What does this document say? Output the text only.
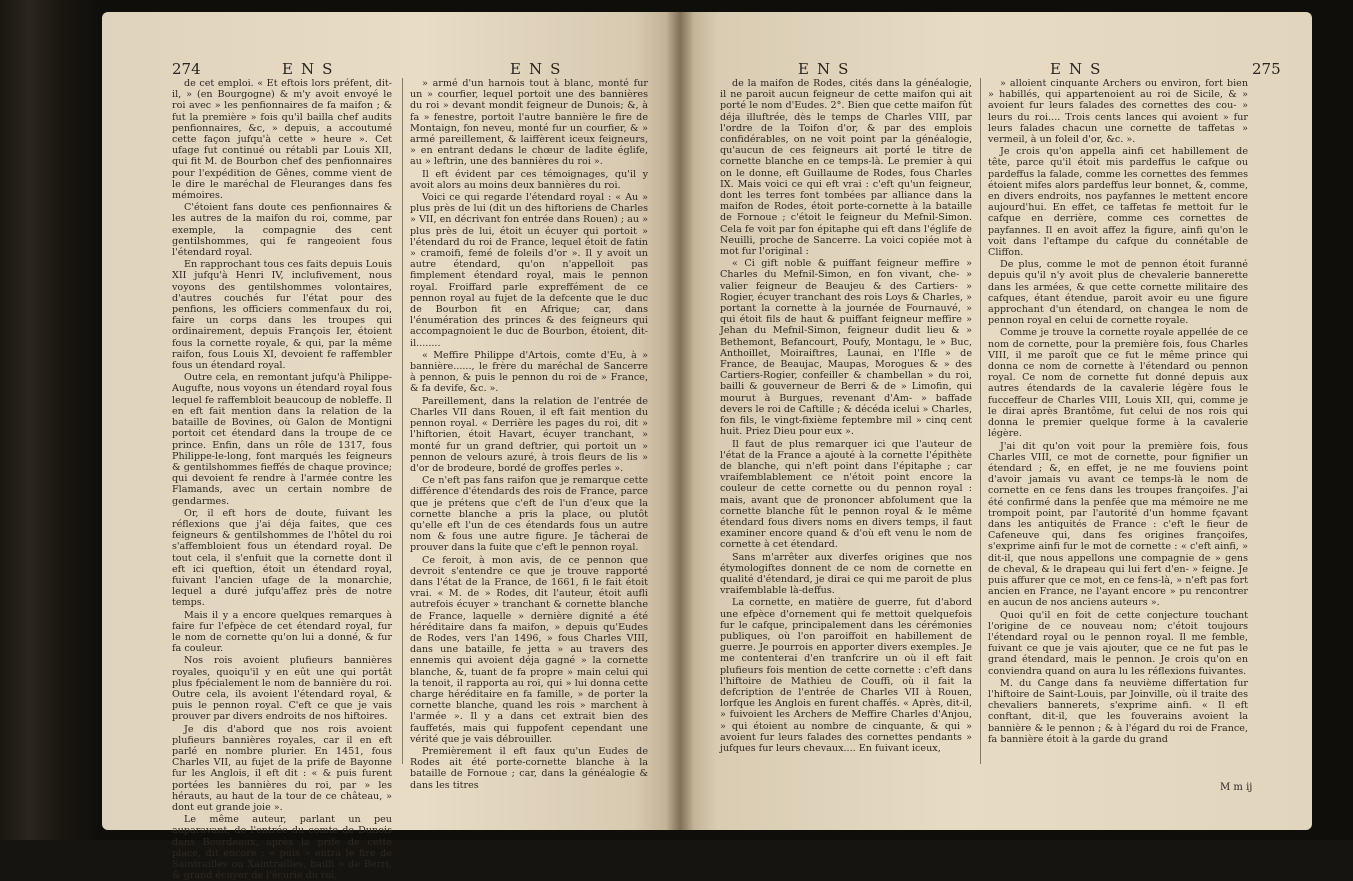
274	ENS	ENS

de cet emploi. « Et eftois lors préfent, dit-il, » (en Bourgogne) & m'y avoit envoyé le roi avec » les penfionnaires de fa maifon ; & fut la première » fois qu'il bailla chef audits penfionnaires, &c, » depuis, a accoutumé cette façon jufqu'à cette » heure ». Cet ufage fut continué ou rétabli par Louis XII, qui fit M. de Bourbon chef des penfionnaires pour l'expédition de Gênes, comme vient de le dire le maréchal de Fleuranges dans fes mémoires.

C'étoient fans doute ces penfionnaires & les autres de la maifon du roi, comme, par exemple, la compagnie des cent gentilshommes, qui fe rangeoient fous l'étendard royal.

En rapprochant tous ces faits depuis Louis XII jufqu'à Henri IV, inclufivement, nous voyons des gentilshommes volontaires, d'autres couchés fur l'état pour des penfions, les officiers commenfaux du roi, faire un corps dans les troupes qui ordinairement, depuis François Ier, étoient fous la cornette royale, & qui, par la même raifon, fous Louis XI, devoient fe raffembler fous un étendard royal.

Outre cela, en remontant jufqu'à Philippe-Augufte, nous voyons un étendard royal fous lequel fe raffembloit beaucoup de nobleffe. Il en eft fait mention dans la relation de la bataille de Bovines, où Galon de Montigni portoit cet étendard dans la troupe de ce prince. Enfin, dans un rôle de 1317, fous Philippe-le-long, font marqués les feigneurs & gentilshommes fieffés de chaque province; qui devoient fe rendre à l'armée contre les Flamands, avec un certain nombre de gendarmes.

Or, il eft hors de doute, fuivant les réflexions que j'ai déja faites, que ces feigneurs & gentilshommes de l'hôtel du roi s'affembloient fous un étendard royal. De tout cela, il s'enfuit que la cornette dont il eft ici queftion, étoit un étendard royal, fuivant l'ancien ufage de la monarchie, lequel a duré jufqu'affez près de notre temps.

Mais il y a encore quelques remarques à faire fur l'efpèce de cet étendard royal, fur le nom de cornette qu'on lui a donné, & fur fa couleur.

Nos rois avoient plufieurs bannières royales, quoiqu'il y en eût une qui portât plus fpécialement le nom de bannière du roi. Outre cela, ils avoient l'étendard royal, & puis le pennon royal. C'eft ce que je vais prouver par divers endroits de nos hiftoires.

Je dis d'abord que nos rois avoient plufieurs bannières royales, car il en eft parlé en nombre plurier. En 1451, fous Charles VII, au fujet de la prife de Bayonne fur les Anglois, il eft dit : « & puis furent portées les bannières du roi, par » les hérauts, au haut de la tour de ce château, » dont eut grande joie ».

Le même auteur, parlant un peu auparavant, de l'entrée du comte de Dunois dans Bourdeaux, après la prife de cette place, dit encore : « puis » entra le fire de Saintrailles ou Xaintrailles, bailli » de Berri, & grand écuyer de l'écurie du roi,

» armé d'un harnois tout à blanc, monté fur un » courfier, lequel portoit une des bannières du roi » devant mondit feigneur de Dunois; &, à fa » fenestre, portoit l'autre bannière le fire de Montaign, fon neveu, monté fur un courfier, & » armé pareillement, & laiffèrent iceux feigneurs, » en entrant dedans le chœur de ladite églife, au » leftrin, une des bannières du roi ».

Il eft évident par ces témoignages, qu'il y avoit alors au moins deux bannières du roi.

Voici ce qui regarde l'étendard royal : « Au » plus près de lui (dit un des hiftoriens de Charles » VII, en décrivant fon entrée dans Rouen) ; au » plus près de lui, étoit un écuyer qui portoit » l'étendard du roi de France, lequel étoit de fatin » cramoifi, femé de foleils d'or ». Il y avoit un autre étendard, qu'on n'appelloit pas fimplement étendard royal, mais le pennon royal. Froiffard parle expreffément de ce pennon royal au fujet de la defcente que le duc de Bourbon fit en Afrique; car, dans l'énumération des princes & des feigneurs qui accompagnoient le duc de Bourbon, étoient, dit-il........

« Meffire Philippe d'Artois, comte d'Eu, à » bannière......, le frère du maréchal de Sancerre à pennon, & puis le pennon du roi de » France, & fa devife, &c. ».

Pareillement, dans la relation de l'entrée de Charles VII dans Rouen, il eft fait mention du pennon royal. « Derrière les pages du roi, dit » l'hiftorien, étoit Havart, écuyer tranchant, » monté fur un grand deftrier, qui portoit un » pennon de velours azuré, à trois fleurs de lis » d'or de brodeure, bordé de groffes perles ».

Ce n'eft pas fans raifon que je remarque cette différence d'étendards des rois de France, parce que je prétens que c'eft de l'un d'eux que la cornette blanche a pris la place, ou plutôt qu'elle eft l'un de ces étendards fous un autre nom & fous une autre figure. Je tâcherai de prouver dans la fuite que c'eft le pennon royal.

Ce feroit, à mon avis, de ce pennon que devroit s'entendre ce que je trouve rapporté dans l'état de la France, de 1661, fi le fait étoit vrai. « M. de » Rodes, dit l'auteur, étoit aufli autrefois écuyer » tranchant & cornette blanche de France, laquelle » dernière dignité a été héréditaire dans fa maifon, » depuis qu'Eudes de Rodes, vers l'an 1496, » fous Charles VIII, dans une bataille, fe jetta » au travers des ennemis qui avoient déja gagné » la cornette blanche, &, tuant de fa propre » main celui qui la tenoit, il rapporta au roi, qui » lui donna cette charge héréditaire en fa famille, » de porter la cornette blanche, quand les rois » marchent à l'armée ». Il y a dans cet extrait bien des fauffetés, mais qui fuppofent cependant une vérité que je vais débrouiller.

Premièrement il eft faux qu'un Eudes de Rodes ait été porte-cornette blanche à la bataille de Fornoue ; car, dans la généalogie & dans les titres

ENS	ENS	275

de la maifon de Rodes, cités dans la généalogie, il ne paroit aucun feigneur de cette maifon qui ait porté le nom d'Eudes. 2°. Bien que cette maifon fût déja illuftrée, dès le temps de Charles VIII, par l'ordre de la Toifon d'or, & par des emplois confidérables, on ne voit point par la généalogie, qu'aucun de ces feigneurs ait porté le titre de cornette blanche en ce temps-là. Le premier à qui on le donne, eft Guillaume de Rodes, fous Charles IX. Mais voici ce qui eft vrai : c'eft qu'un feigneur, dont les terres font tombées par alliance dans la maifon de Rodes, étoit porte-cornette à la bataille de Fornoue ; c'étoit le feigneur du Mefnil-Simon. Cela fe voit par fon épitaphe qui eft dans l'églife de Neuilli, proche de Sancerre. La voici copiée mot à mot fur l'original :

« Ci gift noble & puiffant feigneur meffire » Charles du Mefnil-Simon, en fon vivant, che- » valier feigneur de Beaujeu & des Cartiers- » Rogier, écuyer tranchant des rois Loys & Charles, » portant la cornette à la journée de Fournauvé, » qui étoit fils de haut & puiffant feigneur meffire » Jehan du Mefnil-Simon, feigneur dudit lieu & » Bethemont, Befancourt, Poufy, Montagu, le » Buc, Anthoillet, Moiraiftres, Launai, en l'Ifle » de France, de Beaujac, Maupas, Morogues & » des Cartiers-Rogier, confeiller & chambellan » du roi, bailli & gouverneur de Berri & de » Limofin, qui mourut à Burgues, revenant d'Am- » baffade devers le roi de Caftille ; & décéda icelui » Charles, fon fils, le vingt-fixième feptembre mil » cinq cent huit. Priez Dieu pour eux ».

Il faut de plus remarquer ici que l'auteur de l'état de la France a ajouté à la cornette l'épithète de blanche, qui n'eft point dans l'épitaphe ; car vraifemblablement ce n'étoit point encore la couleur de cette cornette ou du pennon royal : mais, avant que de prononcer abfolument que la cornette blanche fût le pennon royal & le même étendard fous divers noms en divers temps, il faut examiner encore quand & d'où eft venu le nom de cornette à cet étendard.

Sans m'arrêter aux diverfes origines que nos étymologiftes donnent de ce nom de cornette en qualité d'étendard, je dirai ce qui me paroit de plus vraifemblable là-deffus.

La cornette, en matière de guerre, fut d'abord une efpèce d'ornement qui fe mettoit quelquefois fur le cafque, principalement dans les cérémonies publiques, où l'on paroiffoit en habillement de guerre. Je pourrois en apporter divers exemples. Je me contenterai d'en tranfcrire un où il eft fait plufieurs fois mention de cette cornette : c'eft dans l'hiftoire de Mathieu de Couffi, où il fait la defcription de l'entrée de Charles VII à Rouen, lorfque les Anglois en furent chaffés. « Après, dit-il, » fuivoient les Archers de Meffire Charles d'Anjou, » qui étoient au nombre de cinquante, & qui » avoient fur leurs falades des cornettes pendants » jufques fur leurs chevaux.... En fuivant iceux,

» alloient cinquante Archers ou environ, fort bien » habillés, qui appartenoient au roi de Sicile, & » avoient fur leurs falades des cornettes des cou- » leurs du roi.... Trois cents lances qui avoient » fur leurs falades chacun une cornette de taffetas » vermeil, à un foleil d'or, &c. ».

Je crois qu'on appella ainfi cet habillement de tête, parce qu'il étoit mis pardeffus le cafque ou pardeffus la falade, comme les cornettes des femmes étoient mifes alors pardeffus leur bonnet, &, comme, en divers endroits, nos payfannes le mettent encore aujourd'hui. En effet, ce taffetas fe mettoit fur le cafque en derrière, comme ces cornettes de payfannes. Il en avoit affez la figure, ainfi qu'on le voit dans l'eftampe du cafque du connétable de Cliffon.

De plus, comme le mot de pennon étoit furanné depuis qu'il n'y avoit plus de chevalerie bannerette dans les armées, & que cette cornette militaire des cafques, étant étendue, paroit avoir eu une figure approchant d'un étendard, on changea le nom de pennon royal en celui de cornette royale.

Comme je trouve la cornette royale appellée de ce nom de cornette, pour la première fois, fous Charles VIII, il me paroît que ce fut le même prince qui donna ce nom de cornette à l'étendard ou pennon royal. Ce nom de cornette fut donné depuis aux autres étendards de la cavalerie légère fous le fucceffeur de Charles VIII, Louis XII, qui, comme je le dirai après Brantôme, fut celui de nos rois qui donna le premier quelque forme à la cavalerie légère.

J'ai dit qu'on voit pour la première fois, fous Charles VIII, ce mot de cornette, pour fignifier un étendard ; &, en effet, je ne me fouviens point d'avoir jamais vu avant ce temps-là le nom de cornette en ce fens dans les troupes françoifes. J'ai été confirmé dans la penfée que ma mémoire ne me trompoit point, par l'autorité d'un homme fçavant dans les antiquités de France : c'eft le fieur de Cafeneuve qui, dans fes origines françoifes, s'exprime ainfi fur le mot de cornette : « c'eft ainfi, » dit-il, que nous appellons une compagnie de » gens de cheval, & le drapeau qui lui fert d'en- » feigne. Je puis affurer que ce mot, en ce fens-là, » n'eft pas fort ancien en France, ne l'ayant encore » pu rencontrer en aucun de nos anciens auteurs ».

Quoi qu'il en foit de cette conjecture touchant l'origine de ce nouveau nom; c'étoit toujours l'étendard royal ou le pennon royal. Il me femble, fuivant ce que je vais ajouter, que ce ne fut pas le grand étendard, mais le pennon. Je crois qu'on en conviendra quand on aura lu les réflexions fuivantes.

M. du Cange dans fa neuvième differtation fur l'hiftoire de Saint-Louis, par Joinville, où il traite des chevaliers bannerets, s'exprime ainfi. « Il eft conftant, dit-il, que les fouverains avoient la bannière & le pennon ; & à l'égard du roi de France, fa bannière étoit à la garde du grand

M m ij
